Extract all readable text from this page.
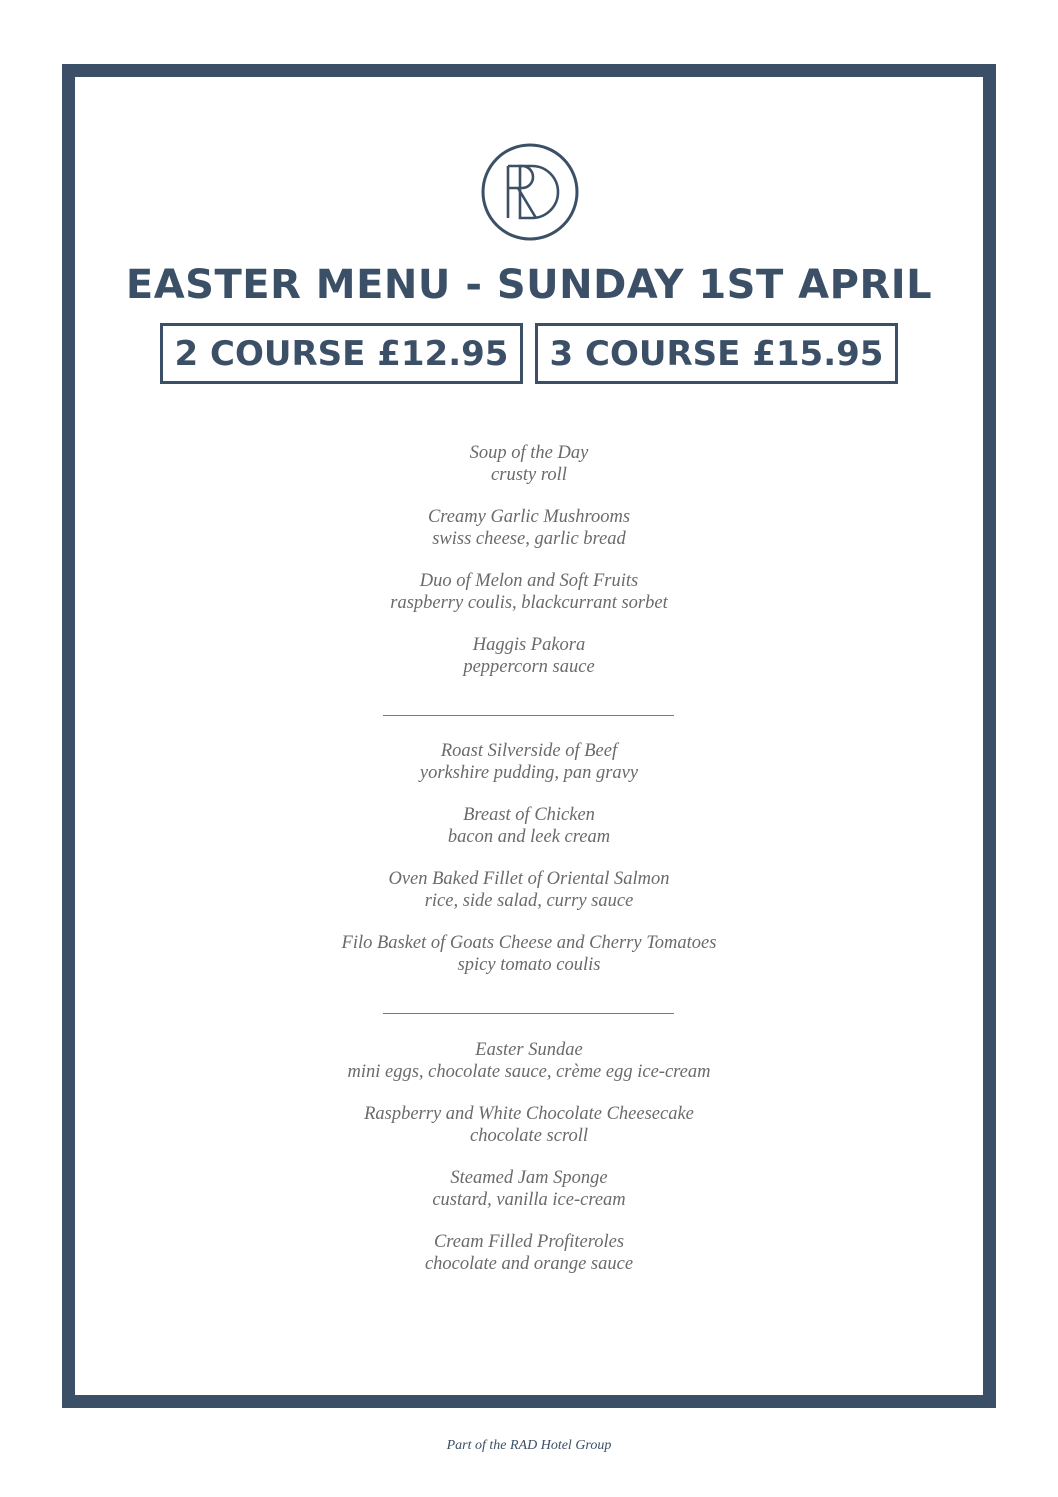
EASTER MENU - SUNDAY 1ST APRIL
2 COURSE £12.95 3 COURSE £15.95
Soup of the Day
crusty roll
Creamy Garlic Mushrooms
swiss cheese, garlic bread
Duo of Melon and Soft Fruits
raspberry coulis, blackcurrant sorbet
Haggis Pakora
peppercorn sauce
Roast Silverside of Beef
yorkshire pudding, pan gravy
Breast of Chicken
bacon and leek cream
Oven Baked Fillet of Oriental Salmon
rice, side salad, curry sauce
Filo Basket of Goats Cheese and Cherry Tomatoes
spicy tomato coulis
Easter Sundae
mini eggs, chocolate sauce, crème egg ice-cream
Raspberry and White Chocolate Cheesecake
chocolate scroll
Steamed Jam Sponge
custard, vanilla ice-cream
Cream Filled Profiteroles
chocolate and orange sauce
Part of the RAD Hotel Group
